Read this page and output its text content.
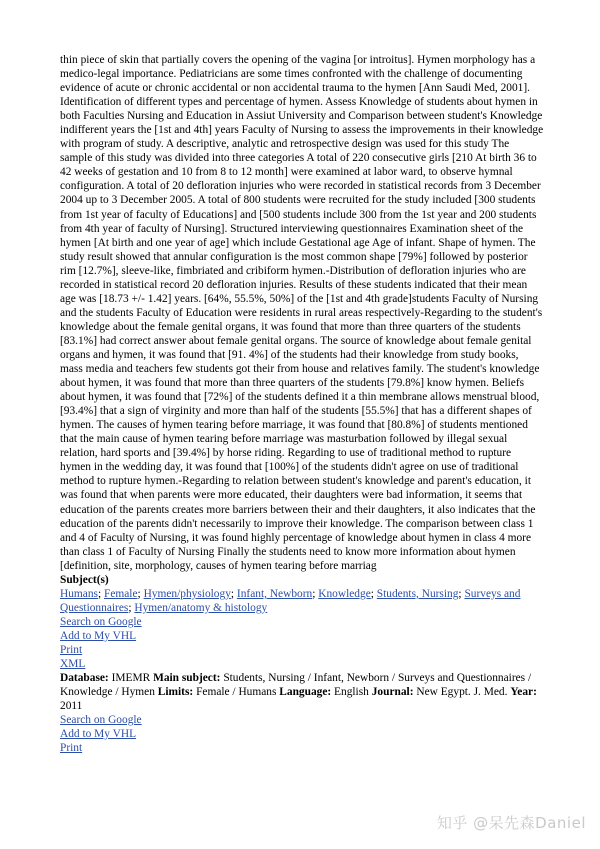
thin piece of skin that partially covers the opening of the vagina [or introitus]. Hymen morphology has a medico-legal importance. Pediatricians are some times confronted with the challenge of documenting evidence of acute or chronic accidental or non accidental trauma to the hymen [Ann Saudi Med, 2001]. Identification of different types and percentage of hymen. Assess Knowledge of students about hymen in both Faculties Nursing and Education in Assiut University and Comparison between student's Knowledge indifferent years the [1st and 4th] years Faculty of Nursing to assess the improvements in their knowledge with program of study. A descriptive, analytic and retrospective design was used for this study The sample of this study was divided into three categories A total of 220 consecutive girls [210 At birth 36 to 42 weeks of gestation and 10 from 8 to 12 month] were examined at labor ward, to observe hymnal configuration. A total of 20 defloration injuries who were recorded in statistical records from 3 December 2004 up to 3 December 2005. A total of 800 students were recruited for the study included [300 students from 1st year of faculty of Educations] and [500 students include 300 from the 1st year and 200 students from 4th year of faculty of Nursing]. Structured interviewing questionnaires Examination sheet of the hymen [At birth and one year of age] which include Gestational age Age of infant. Shape of hymen. The study result showed that annular configuration is the most common shape [79%] followed by posterior rim [12.7%], sleeve-like, fimbriated and cribiform hymen.-Distribution of defloration injuries who are recorded in statistical record 20 defloration injuries. Results of these students indicated that their mean age was [18.73 +/- 1.42] years. [64%, 55.5%, 50%] of the [1st and 4th grade]students Faculty of Nursing and the students Faculty of Education were residents in rural areas respectively-Regarding to the student's knowledge about the female genital organs, it was found that more than three quarters of the students [83.1%] had correct answer about female genital organs. The source of knowledge about female genital organs and hymen, it was found that [91. 4%] of the students had their knowledge from study books, mass media and teachers few students got their from house and relatives family. The student's knowledge about hymen, it was found that more than three quarters of the students [79.8%] know hymen. Beliefs about hymen, it was found that [72%] of the students defined it a thin membrane allows menstrual blood, [93.4%] that a sign of virginity and more than half of the students [55.5%] that has a different shapes of hymen. The causes of hymen tearing before marriage, it was found that [80.8%] of students mentioned that the main cause of hymen tearing before marriage was masturbation followed by illegal sexual relation, hard sports and [39.4%] by horse riding. Regarding to use of traditional method to rupture hymen in the wedding day, it was found that [100%] of the students didn't agree on use of traditional method to rupture hymen.-Regarding to relation between student's knowledge and parent's education, it was found that when parents were more educated, their daughters were bad information, it seems that education of the parents creates more barriers between their and their daughters, it also indicates that the education of the parents didn't necessarily to improve their knowledge. The comparison between class 1 and 4 of Faculty of Nursing, it was found highly percentage of knowledge about hymen in class 4 more than class 1 of Faculty of Nursing Finally the students need to know more information about hymen [definition, site, morphology, causes of hymen tearing before marriag

Subject(s)

Humans; Female; Hymen/physiology; Infant, Newborn; Knowledge; Students, Nursing; Surveys and Questionnaires; Hymen/anatomy & histology

Search on Google
Add to My VHL
Print
XML

Database: IMEMR Main subject: Students, Nursing / Infant, Newborn / Surveys and Questionnaires / Knowledge / Hymen Limits: Female / Humans Language: English Journal: New Egypt. J. Med. Year: 2011

Search on Google
Add to My VHL
Print
知乎 @呆先森Daniel
